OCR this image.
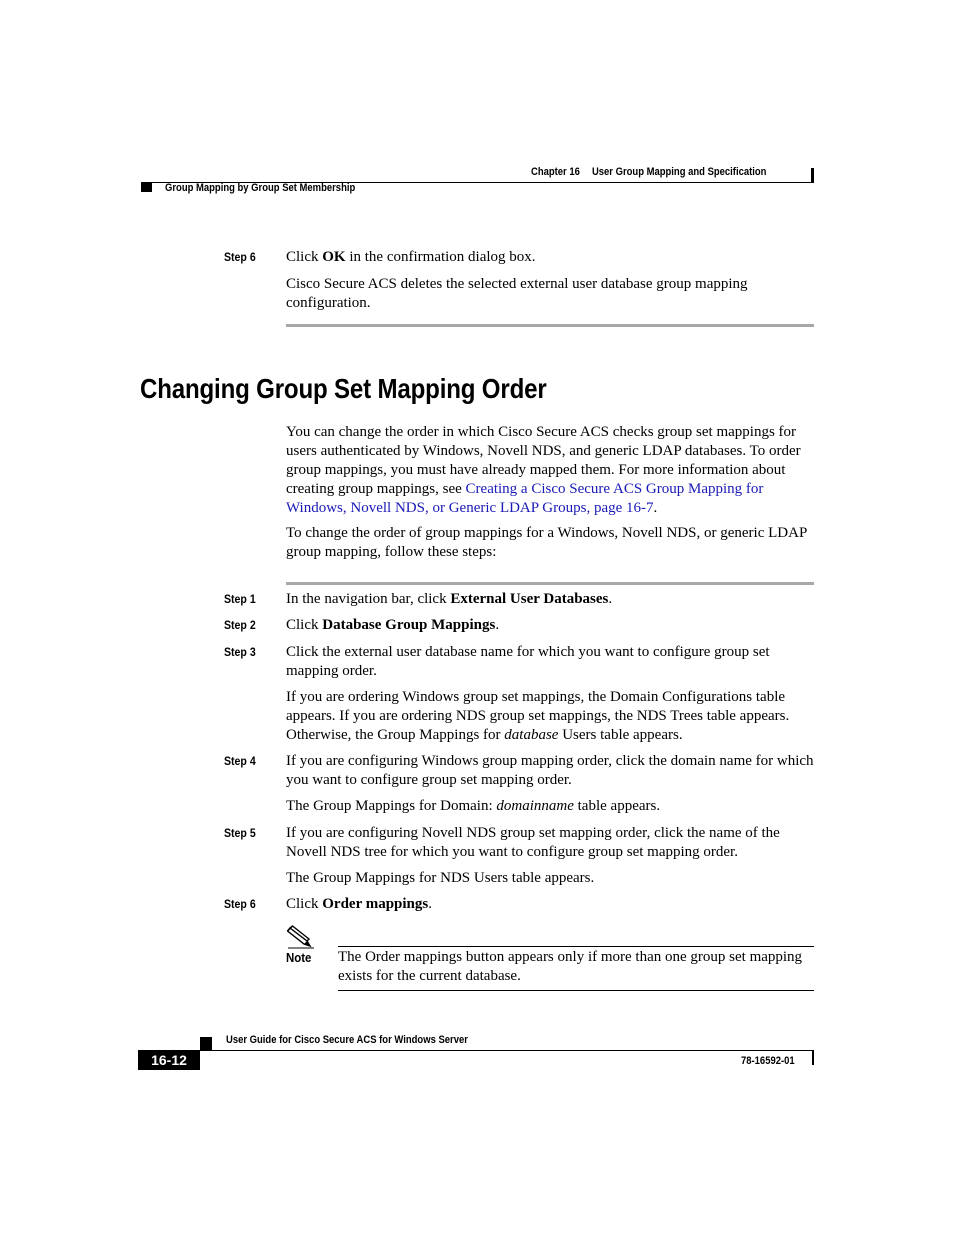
Chapter 16 User Group Mapping and Specification
Group Mapping by Group Set Membership
Step 6 Click OK in the confirmation dialog box.

Cisco Secure ACS deletes the selected external user database group mapping configuration.

Changing Group Set Mapping Order

You can change the order in which Cisco Secure ACS checks group set mappings for users authenticated by Windows, Novell NDS, and generic LDAP databases. To order group mappings, you must have already mapped them. For more information about creating group mappings, see Creating a Cisco Secure ACS Group Mapping for Windows, Novell NDS, or Generic LDAP Groups, page 16-7.

To change the order of group mappings for a Windows, Novell NDS, or generic LDAP group mapping, follow these steps:

Step 1 In the navigation bar, click External User Databases.

Step 2 Click Database Group Mappings.

Step 3 Click the external user database name for which you want to configure group set mapping order.

If you are ordering Windows group set mappings, the Domain Configurations table appears. If you are ordering NDS group set mappings, the NDS Trees table appears. Otherwise, the Group Mappings for database Users table appears.

Step 4 If you are configuring Windows group mapping order, click the domain name for which you want to configure group set mapping order.

The Group Mappings for Domain: domainname table appears.

Step 5 If you are configuring Novell NDS group set mapping order, click the name of the Novell NDS tree for which you want to configure group set mapping order.

The Group Mappings for NDS Users table appears.

Step 6 Click Order mappings.

Note The Order mappings button appears only if more than one group set mapping exists for the current database.

User Guide for Cisco Secure ACS for Windows Server
16-12	78-16592-01
